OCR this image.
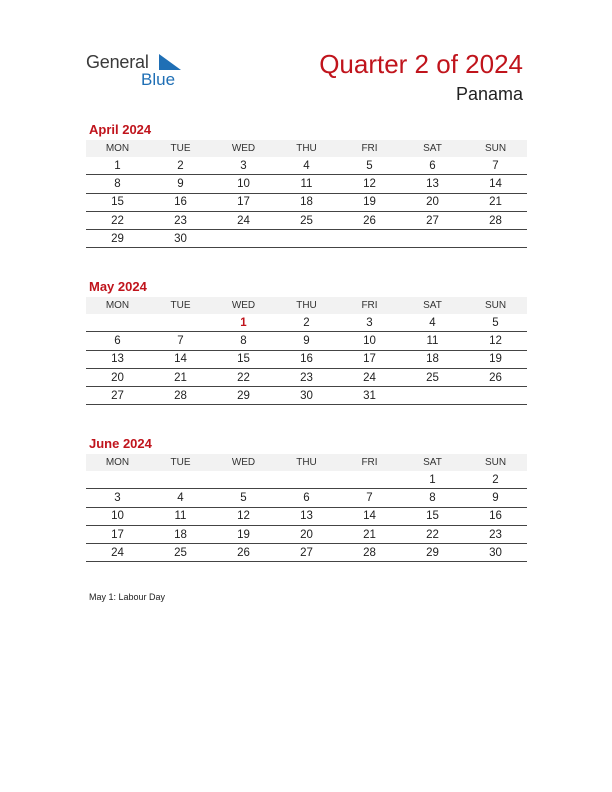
General
Blue
Quarter 2 of 2024
Panama
April 2024
MON	TUE	WED	THU	FRI	SAT	SUN
1	2	3	4	5	6	7
8	9	10	11	12	13	14
15	16	17	18	19	20	21
22	23	24	25	26	27	28
29	30					
May 2024
MON	TUE	WED	THU	FRI	SAT	SUN
		1	2	3	4	5
6	7	8	9	10	11	12
13	14	15	16	17	18	19
20	21	22	23	24	25	26
27	28	29	30	31		
June 2024
MON	TUE	WED	THU	FRI	SAT	SUN
					1	2
3	4	5	6	7	8	9
10	11	12	13	14	15	16
17	18	19	20	21	22	23
24	25	26	27	28	29	30
May 1: Labour Day
